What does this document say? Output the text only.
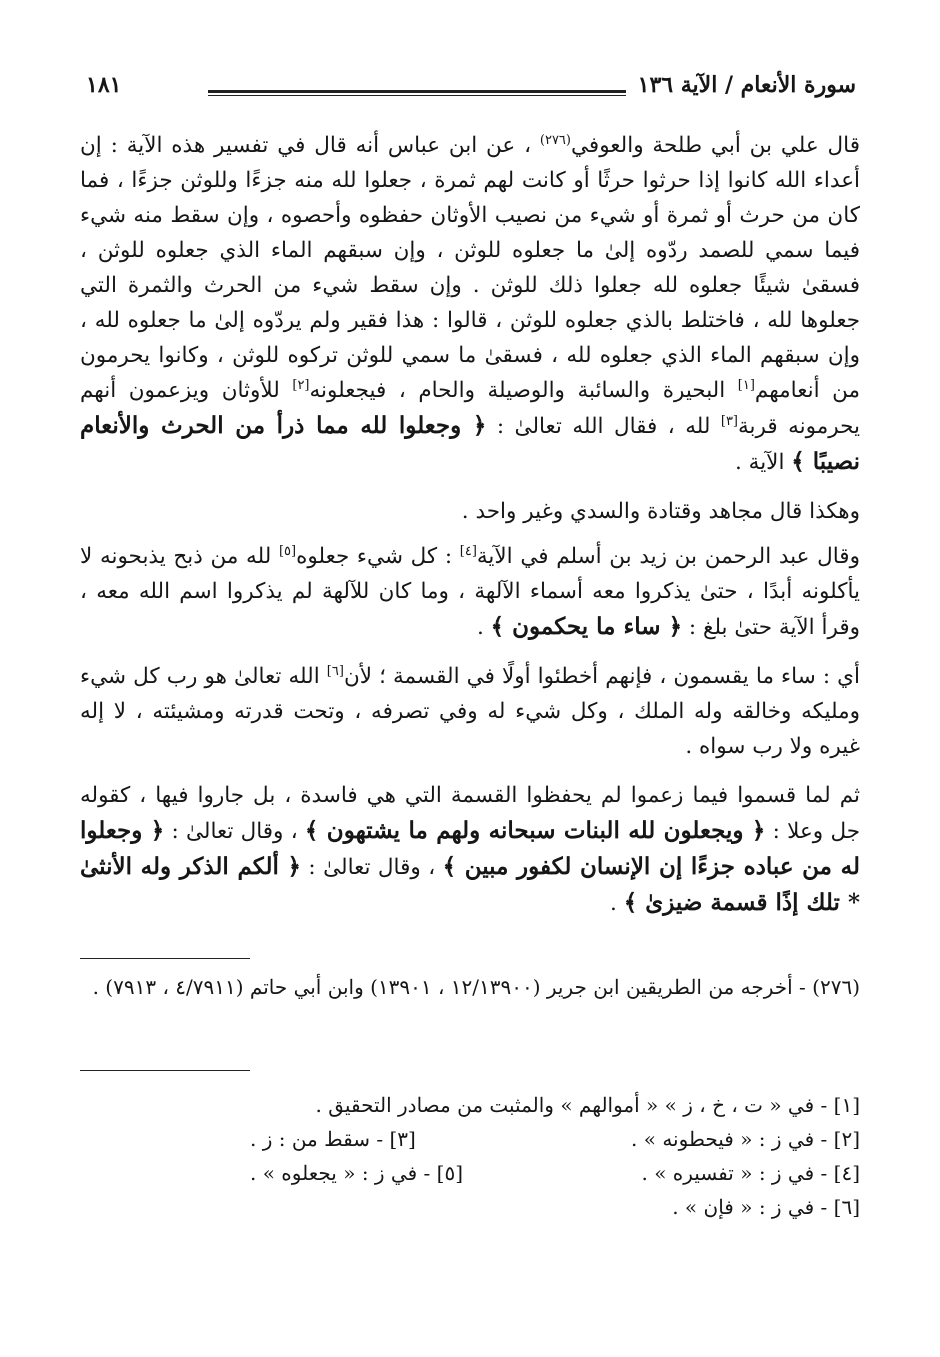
١٨١	سورة الأنعام / الآية ١٣٦

قال علي بن أبي طلحة والعوفي$^{(٢٧٦)}$ ، عن ابن عباس أنه قال في تفسير هذه الآية : إن أعداء الله كانوا إذا حرثوا حرثًا أو كانت لهم ثمرة ، جعلوا لله منه جزءًا وللوثن جزءًا ، فما كان من حرث أو ثمرة أو شيء من نصيب الأوثان حفظوه وأحصوه ، وإن سقط منه شيء فيما سمي للصمد ردّوه إلىٰ ما جعلوه للوثن ، وإن سبقهم الماء الذي جعلوه للوثن ، فسقىٰ شيئًا جعلوه لله جعلوا ذلك للوثن . وإن سقط شيء من الحرث والثمرة التي جعلوها لله ، فاختلط بالذي جعلوه للوثن ، قالوا : هذا فقير ولم يردّوه إلىٰ ما جعلوه لله ، وإن سبقهم الماء الذي جعلوه لله ، فسقىٰ ما سمي للوثن تركوه للوثن ، وكانوا يحرمون من أنعامهم[١] البحيرة والسائبة والوصيلة والحام ، فيجعلونه[٢] للأوثان ويزعمون أنهم يحرمونه قربة[٣] لله ، فقال الله تعالىٰ : ﴿ وجعلوا لله مما ذرأ من الحرث والأنعام نصيبًا ﴾ الآية .

وهكذا قال مجاهد وقتادة والسدي وغير واحد .

وقال عبد الرحمن بن زيد بن أسلم في الآية[٤] : كل شيء جعلوه[٥] لله من ذبح يذبحونه لا يأكلونه أبدًا ، حتىٰ يذكروا معه أسماء الآلهة ، وما كان للآلهة لم يذكروا اسم الله معه ، وقرأ الآية حتىٰ بلغ : ﴿ ساء ما يحكمون ﴾ .

أي : ساء ما يقسمون ، فإنهم أخطئوا أولًا في القسمة ؛ لأن[٦] الله تعالىٰ هو رب كل شيء ومليكه وخالقه وله الملك ، وكل شيء له وفي تصرفه ، وتحت قدرته ومشيئته ، لا إله غيره ولا رب سواه .

ثم لما قسموا فيما زعموا لم يحفظوا القسمة التي هي فاسدة ، بل جاروا فيها ، كقوله جل وعلا : ﴿ ويجعلون لله البنات سبحانه ولهم ما يشتهون ﴾ ، وقال تعالىٰ : ﴿ وجعلوا له من عباده جزءًا إن الإنسان لكفور مبين ﴾ ، وقال تعالىٰ : ﴿ ألكم الذكر وله الأنثىٰ * تلك إذًا قسمة ضيزىٰ ﴾ .

(٢٧٦) - أخرجه من الطريقين ابن جرير (١٢/١٣٩٠٠ ، ١٣٩٠١) وابن أبي حاتم (٤/٧٩١١ ، ٧٩١٣) .
[١] - في « ت ، خ ، ز » « أموالهم » والمثبت من مصادر التحقيق .
[٢] - في ز : « فيحطونه » .
[٤] - في ز : « تفسيره » .
[٦] - في ز : « فإن » .
[٣] - سقط من : ز .
[٥] - في ز : « يجعلوه » .
